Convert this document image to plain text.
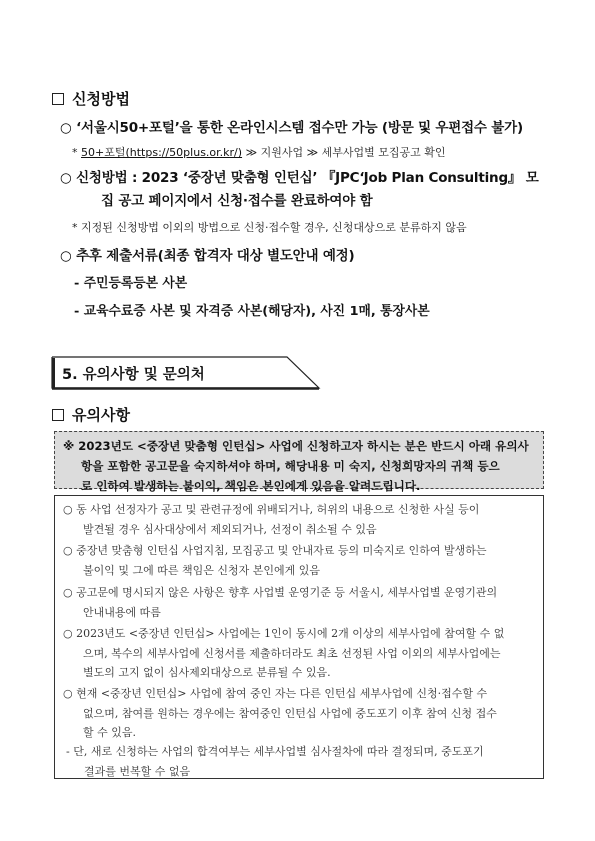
신청방법
○ ‘서울시50+포털’을 통한 온라인시스템 접수만 가능 (방문 및 우편접수 불가)
* 50+포털(https://50plus.or.kr/) ≫ 지원사업 ≫ 세부사업별 모집공고 확인
○ 신청방법 : 2023 ‘중장년 맞춤형 인턴십’ 『JPC‘Job Plan Consulting』 모
집 공고 페이지에서 신청·접수를 완료하여야 함
* 지정된 신청방법 이외의 방법으로 신청·접수할 경우, 신청대상으로 분류하지 않음
○ 추후 제출서류(최종 합격자 대상 별도안내 예정)
- 주민등록등본 사본
- 교육수료증 사본 및 자격증 사본(해당자), 사진 1매, 통장사본
5. 유의사항 및 문의처
유의사항

※ 2023년도 <중장년 맞춤형 인턴십> 사업에 신청하고자 하시는 분은 반드시 아래 유의사

항을 포함한 공고문을 숙지하셔야 하며, 해당내용 미 숙지, 신청희망자의 귀책 등으

로 인하여 발생하는 불이익, 책임은 본인에게 있음을 알려드립니다.

○ 동 사업 선정자가 공고 및 관련규정에 위배되거나, 허위의 내용으로 신청한 사실 등이

발견될 경우 심사대상에서 제외되거나, 선정이 취소될 수 있음

○ 중장년 맞춤형 인턴십 사업지침, 모집공고 및 안내자료 등의 미숙지로 인하여 발생하는

불이익 및 그에 따른 책임은 신청자 본인에게 있음

○ 공고문에 명시되지 않은 사항은 향후 사업별 운영기준 등 서울시, 세부사업별 운영기관의

안내내용에 따름

○ 2023년도 <중장년 인턴십> 사업에는 1인이 동시에 2개 이상의 세부사업에 참여할 수 없

으며, 복수의 세부사업에 신청서를 제출하더라도 최초 선정된 사업 이외의 세부사업에는

별도의 고지 없이 심사제외대상으로 분류될 수 있음.

○ 현재 <중장년 인턴십> 사업에 참여 중인 자는 다른 인턴십 세부사업에 신청·접수할 수

없으며, 참여를 원하는 경우에는 참여중인 인턴십 사업에 중도포기 이후 참여 신청 접수

할 수 있음.

- 단, 새로 신청하는 사업의 합격여부는 세부사업별 심사절차에 따라 결정되며, 중도포기

결과를 번복할 수 없음
